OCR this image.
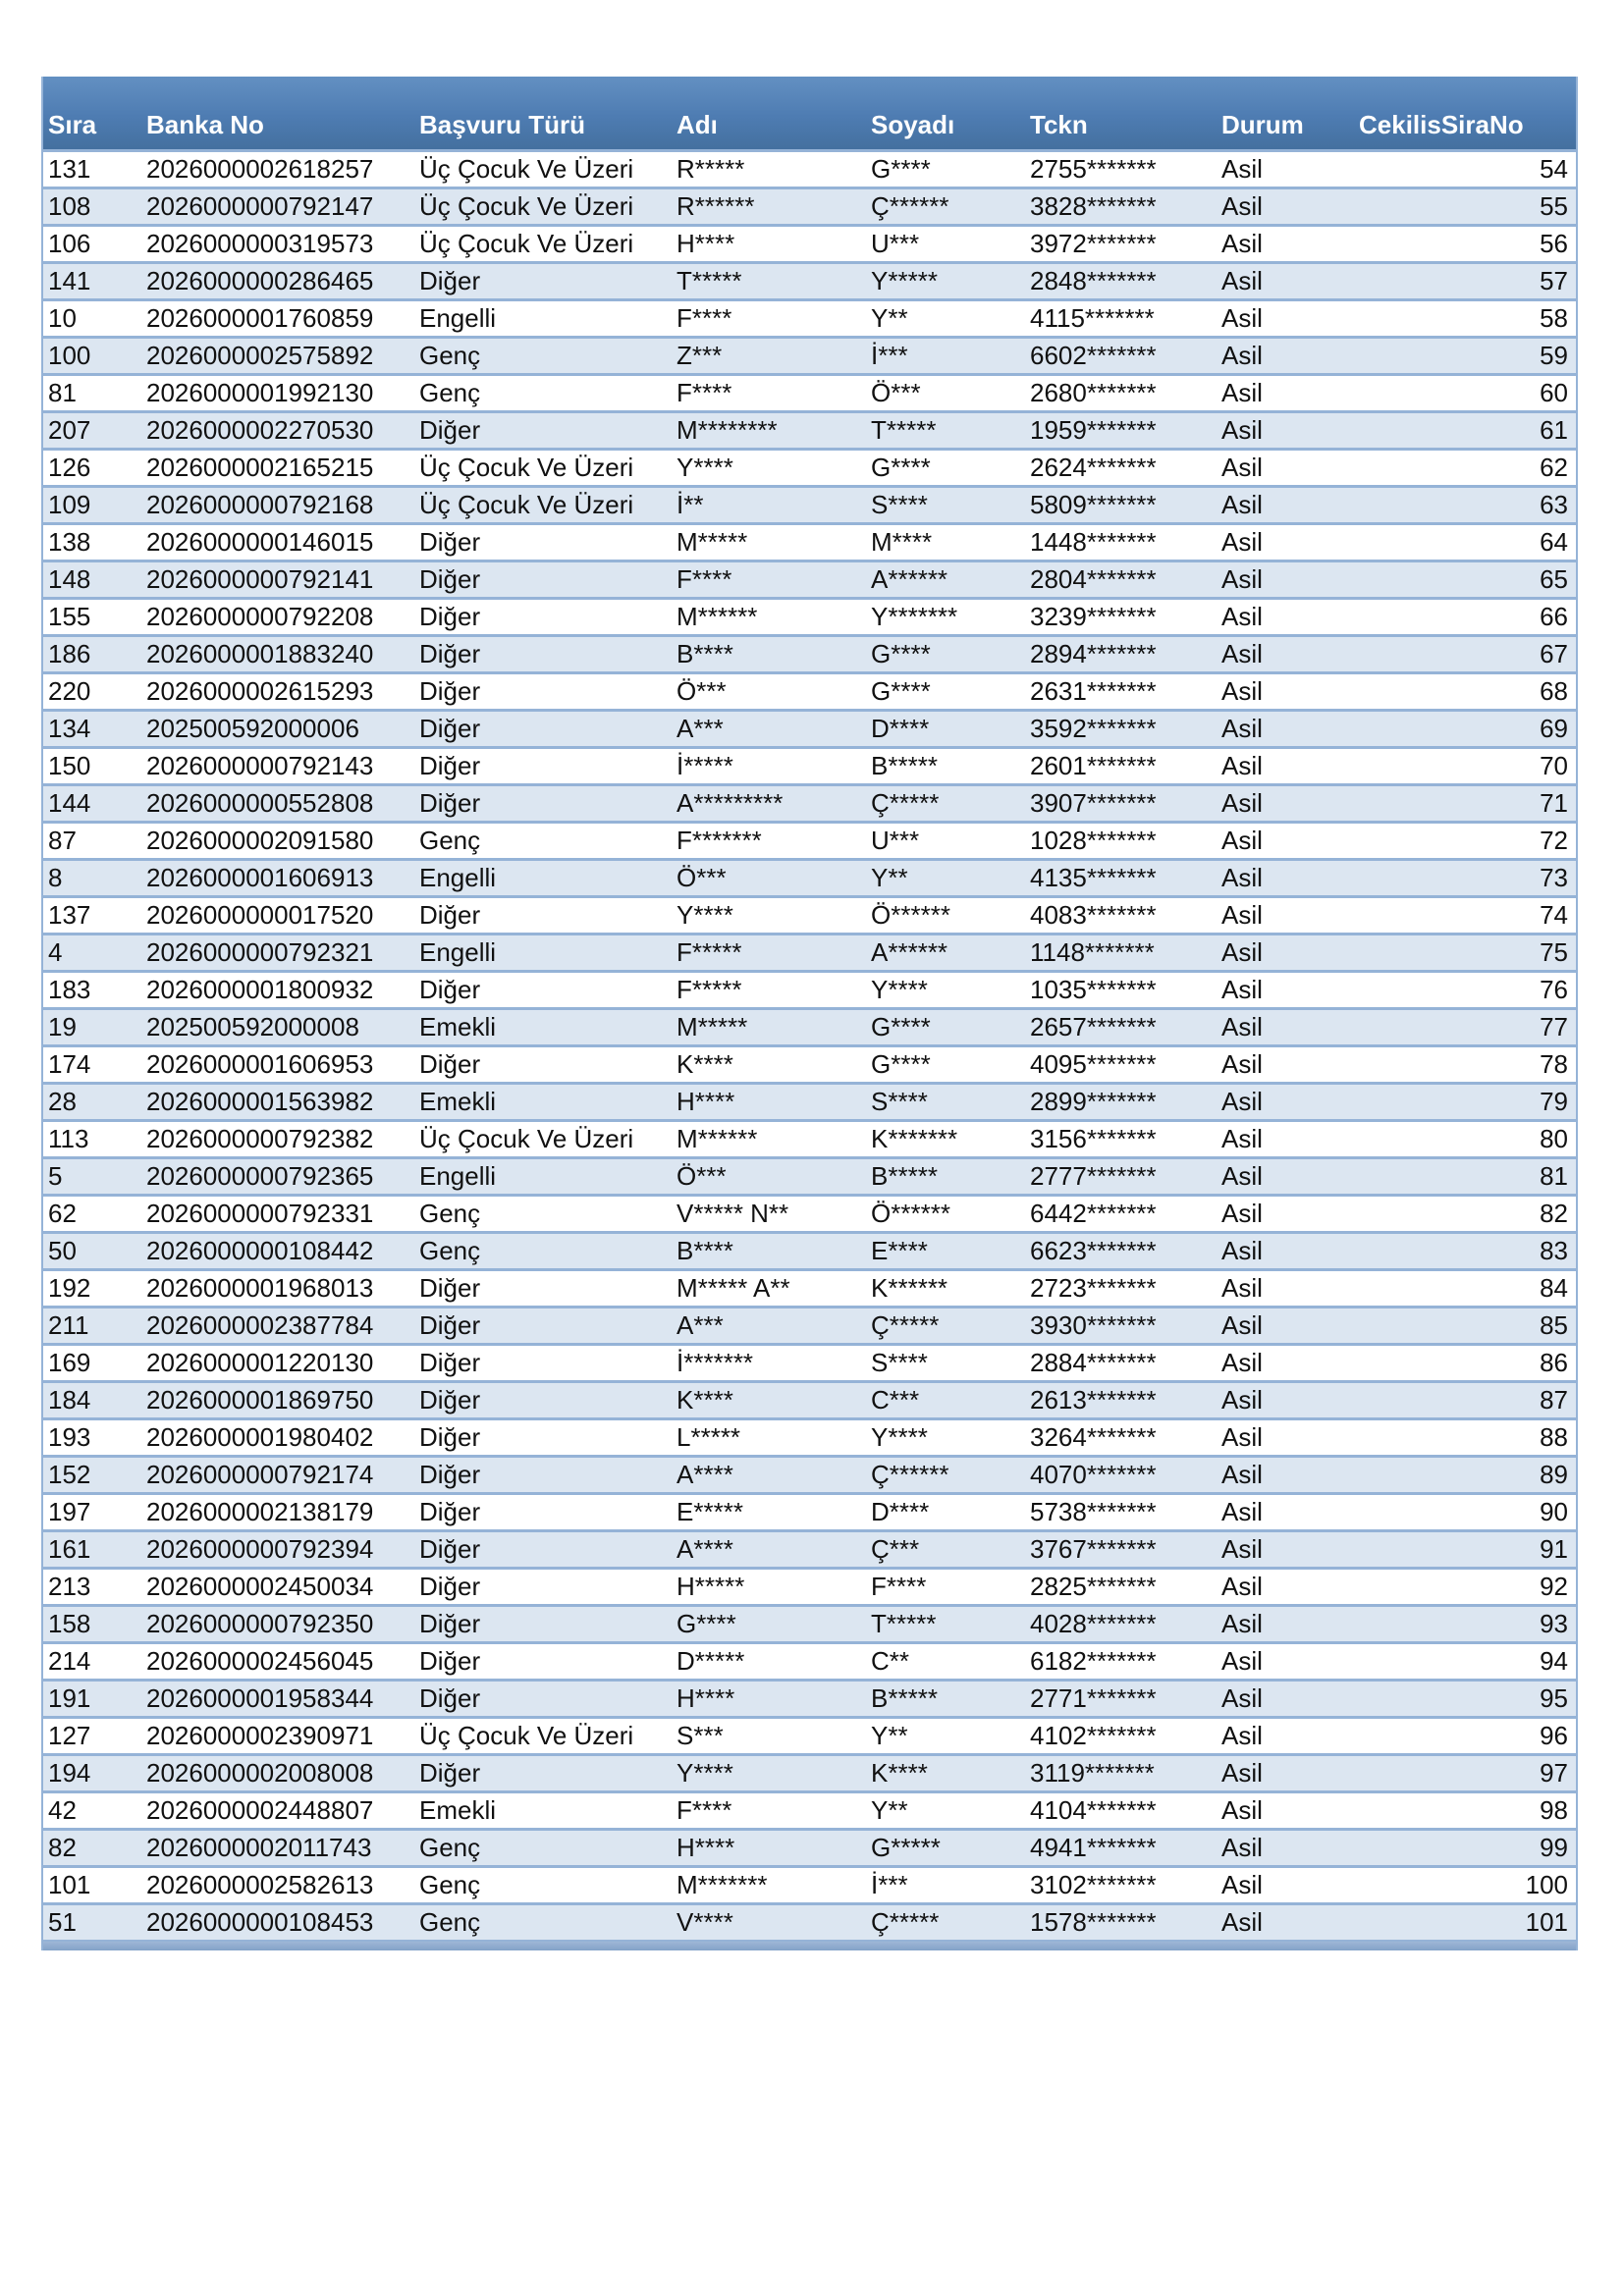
Sıra	Banka No	Başvuru Türü	Adı	Soyadı	Tckn	Durum	CekilisSiraNo
131	2026000002618257	Üç Çocuk Ve Üzeri	R*****	G****	2755*******	Asil	54
108	2026000000792147	Üç Çocuk Ve Üzeri	R******	Ç******	3828*******	Asil	55
106	2026000000319573	Üç Çocuk Ve Üzeri	H****	U***	3972*******	Asil	56
141	2026000000286465	Diğer	T*****	Y*****	2848*******	Asil	57
10	2026000001760859	Engelli	F****	Y**	4115*******	Asil	58
100	2026000002575892	Genç	Z***	İ***	6602*******	Asil	59
81	2026000001992130	Genç	F****	Ö***	2680*******	Asil	60
207	2026000002270530	Diğer	M********	T*****	1959*******	Asil	61
126	2026000002165215	Üç Çocuk Ve Üzeri	Y****	G****	2624*******	Asil	62
109	2026000000792168	Üç Çocuk Ve Üzeri	İ**	S****	5809*******	Asil	63
138	2026000000146015	Diğer	M*****	M****	1448*******	Asil	64
148	2026000000792141	Diğer	F****	A******	2804*******	Asil	65
155	2026000000792208	Diğer	M******	Y*******	3239*******	Asil	66
186	2026000001883240	Diğer	B****	G****	2894*******	Asil	67
220	2026000002615293	Diğer	Ö***	G****	2631*******	Asil	68
134	202500592000006	Diğer	A***	D****	3592*******	Asil	69
150	2026000000792143	Diğer	İ*****	B*****	2601*******	Asil	70
144	2026000000552808	Diğer	A*********	Ç*****	3907*******	Asil	71
87	2026000002091580	Genç	F*******	U***	1028*******	Asil	72
8	2026000001606913	Engelli	Ö***	Y**	4135*******	Asil	73
137	2026000000017520	Diğer	Y****	Ö******	4083*******	Asil	74
4	2026000000792321	Engelli	F*****	A******	1148*******	Asil	75
183	2026000001800932	Diğer	F*****	Y****	1035*******	Asil	76
19	202500592000008	Emekli	M*****	G****	2657*******	Asil	77
174	2026000001606953	Diğer	K****	G****	4095*******	Asil	78
28	2026000001563982	Emekli	H****	S****	2899*******	Asil	79
113	2026000000792382	Üç Çocuk Ve Üzeri	M******	K*******	3156*******	Asil	80
5	2026000000792365	Engelli	Ö***	B*****	2777*******	Asil	81
62	2026000000792331	Genç	V***** N**	Ö******	6442*******	Asil	82
50	2026000000108442	Genç	B****	E****	6623*******	Asil	83
192	2026000001968013	Diğer	M***** A**	K******	2723*******	Asil	84
211	2026000002387784	Diğer	A***	Ç*****	3930*******	Asil	85
169	2026000001220130	Diğer	İ*******	S****	2884*******	Asil	86
184	2026000001869750	Diğer	K****	C***	2613*******	Asil	87
193	2026000001980402	Diğer	L*****	Y****	3264*******	Asil	88
152	2026000000792174	Diğer	A****	Ç******	4070*******	Asil	89
197	2026000002138179	Diğer	E*****	D****	5738*******	Asil	90
161	2026000000792394	Diğer	A****	Ç***	3767*******	Asil	91
213	2026000002450034	Diğer	H*****	F****	2825*******	Asil	92
158	2026000000792350	Diğer	G****	T*****	4028*******	Asil	93
214	2026000002456045	Diğer	D*****	C**	6182*******	Asil	94
191	2026000001958344	Diğer	H****	B*****	2771*******	Asil	95
127	2026000002390971	Üç Çocuk Ve Üzeri	S***	Y**	4102*******	Asil	96
194	2026000002008008	Diğer	Y****	K****	3119*******	Asil	97
42	2026000002448807	Emekli	F****	Y**	4104*******	Asil	98
82	2026000002011743	Genç	H****	G*****	4941*******	Asil	99
101	2026000002582613	Genç	M*******	İ***	3102*******	Asil	100
51	2026000000108453	Genç	V****	Ç*****	1578*******	Asil	101
